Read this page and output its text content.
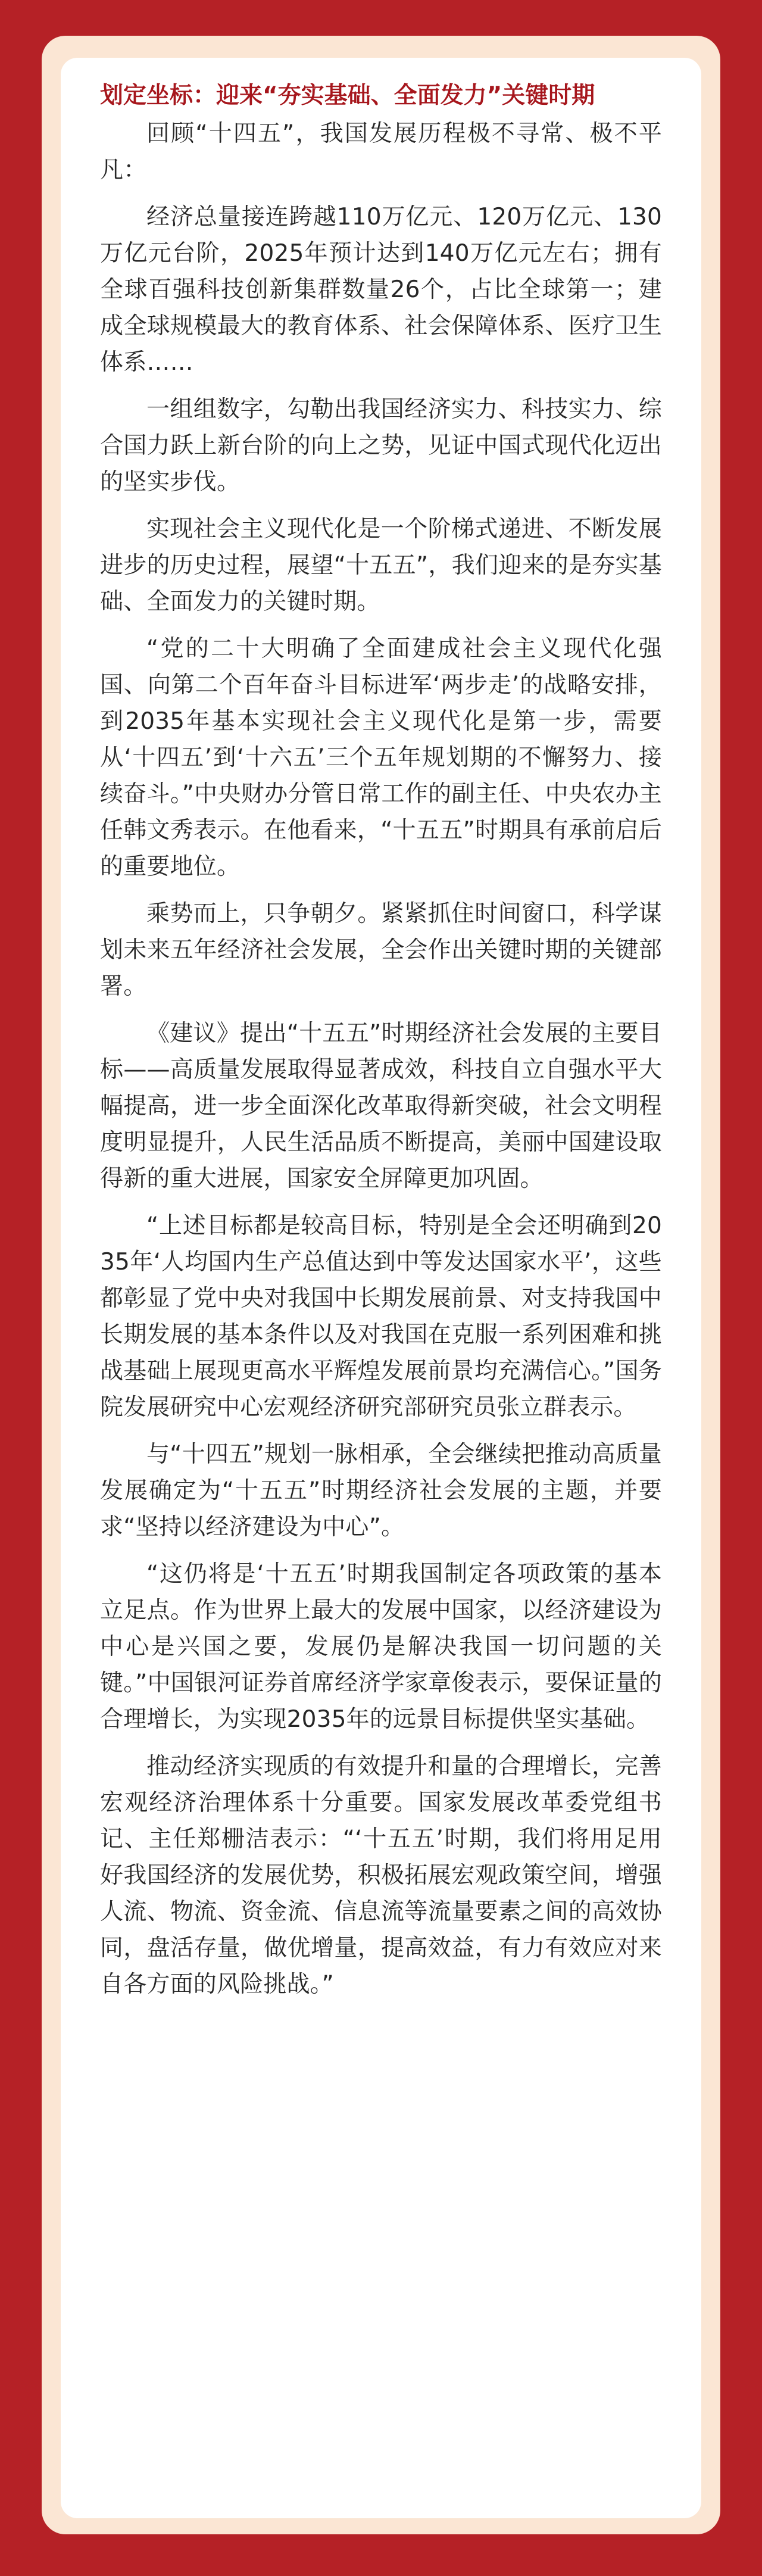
划定坐标：迎来“夯实基础、全面发力”关键时期

回顾“十四五”，我国发展历程极不寻常、极不平凡：

经济总量接连跨越110万亿元、120万亿元、130万亿元台阶，2025年预计达到140万亿元左右；拥有全球百强科技创新集群数量26个，占比全球第一；建成全球规模最大的教育体系、社会保障体系、医疗卫生体系……

一组组数字，勾勒出我国经济实力、科技实力、综合国力跃上新台阶的向上之势，见证中国式现代化迈出的坚实步伐。

实现社会主义现代化是一个阶梯式递进、不断发展进步的历史过程，展望“十五五”，我们迎来的是夯实基础、全面发力的关键时期。

“党的二十大明确了全面建成社会主义现代化强国、向第二个百年奋斗目标进军‘两步走’的战略安排，到2035年基本实现社会主义现代化是第一步，需要从‘十四五’到‘十六五’三个五年规划期的不懈努力、接续奋斗。”中央财办分管日常工作的副主任、中央农办主任韩文秀表示。在他看来，“十五五”时期具有承前启后的重要地位。

乘势而上，只争朝夕。紧紧抓住时间窗口，科学谋划未来五年经济社会发展，全会作出关键时期的关键部署。

《建议》提出“十五五”时期经济社会发展的主要目标——高质量发展取得显著成效，科技自立自强水平大幅提高，进一步全面深化改革取得新突破，社会文明程度明显提升，人民生活品质不断提高，美丽中国建设取得新的重大进展，国家安全屏障更加巩固。

“上述目标都是较高目标，特别是全会还明确到2035年‘人均国内生产总值达到中等发达国家水平’，这些都彰显了党中央对我国中长期发展前景、对支持我国中长期发展的基本条件以及对我国在克服一系列困难和挑战基础上展现更高水平辉煌发展前景均充满信心。”国务院发展研究中心宏观经济研究部研究员张立群表示。

与“十四五”规划一脉相承，全会继续把推动高质量发展确定为“十五五”时期经济社会发展的主题，并要求“坚持以经济建设为中心”。

“这仍将是‘十五五’时期我国制定各项政策的基本立足点。作为世界上最大的发展中国家，以经济建设为中心是兴国之要，发展仍是解决我国一切问题的关键。”中国银河证券首席经济学家章俊表示，要保证量的合理增长，为实现2035年的远景目标提供坚实基础。

推动经济实现质的有效提升和量的合理增长，完善宏观经济治理体系十分重要。国家发展改革委党组书记、主任郑栅洁表示：“‘十五五’时期，我们将用足用好我国经济的发展优势，积极拓展宏观政策空间，增强人流、物流、资金流、信息流等流量要素之间的高效协同，盘活存量，做优增量，提高效益，有力有效应对来自各方面的风险挑战。”
